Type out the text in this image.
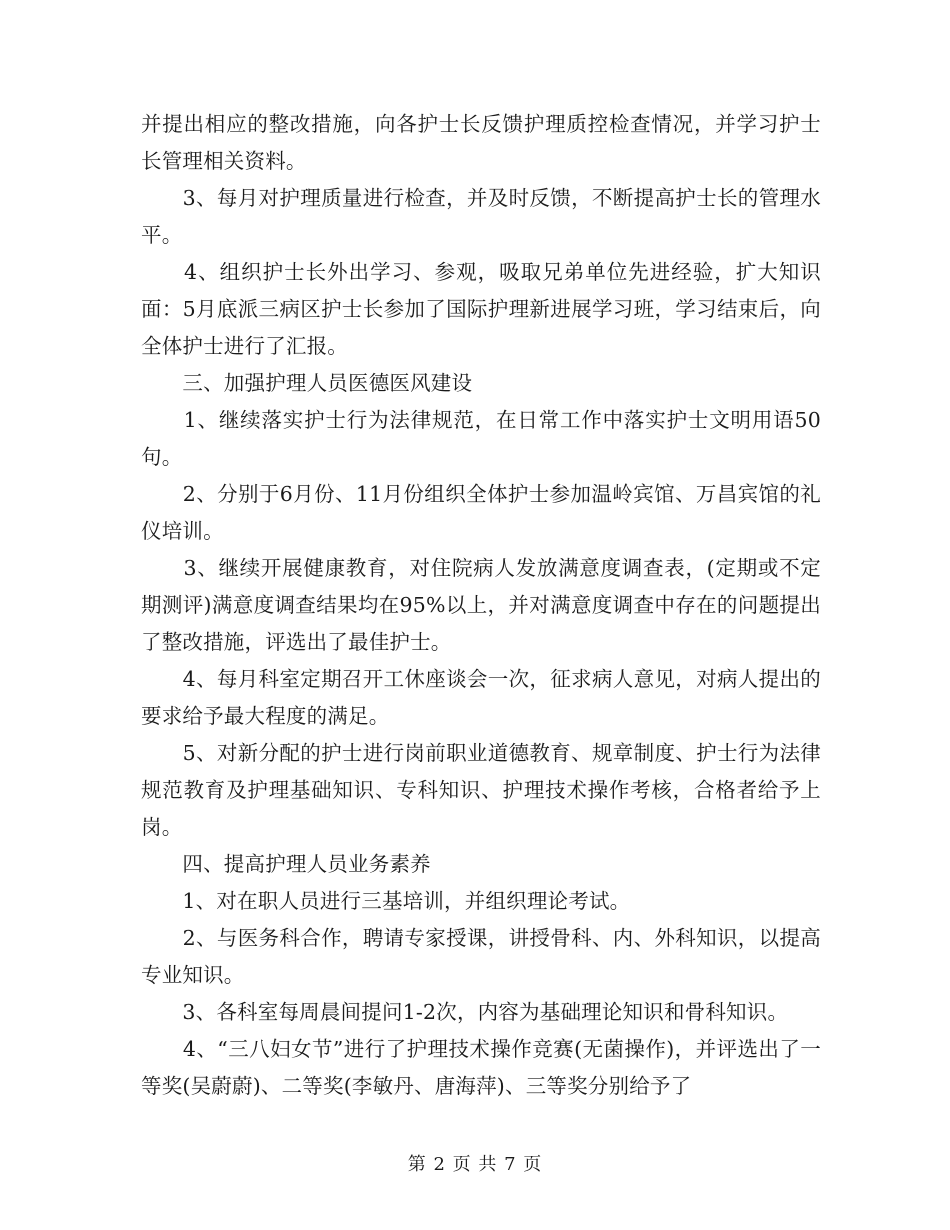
并提出相应的整改措施，向各护士长反馈护理质控检查情况，并学习护士长管理相关资料。

　　3、每月对护理质量进行检查，并及时反馈，不断提高护士长的管理水平。

　　4、组织护士长外出学习、参观，吸取兄弟单位先进经验，扩大知识面：5月底派三病区护士长参加了国际护理新进展学习班，学习结束后，向全体护士进行了汇报。

　　三、加强护理人员医德医风建设

　　1、继续落实护士行为法律规范，在日常工作中落实护士文明用语50句。

　　2、分别于6月份、11月份组织全体护士参加温岭宾馆、万昌宾馆的礼仪培训。

　　3、继续开展健康教育，对住院病人发放满意度调查表，(定期或不定期测评)满意度调查结果均在95%以上，并对满意度调查中存在的问题提出了整改措施，评选出了最佳护士。

　　4、每月科室定期召开工休座谈会一次，征求病人意见，对病人提出的要求给予最大程度的满足。

　　5、对新分配的护士进行岗前职业道德教育、规章制度、护士行为法律规范教育及护理基础知识、专科知识、护理技术操作考核，合格者给予上岗。

　　四、提高护理人员业务素养

　　1、对在职人员进行三基培训，并组织理论考试。

　　2、与医务科合作，聘请专家授课，讲授骨科、内、外科知识，以提高专业知识。

　　3、各科室每周晨间提问1-2次，内容为基础理论知识和骨科知识。

　　4、“三八妇女节”进行了护理技术操作竞赛(无菌操作)，并评选出了一等奖(吴蔚蔚)、二等奖(李敏丹、唐海萍)、三等奖分别给予了

第 2 页 共 7 页
